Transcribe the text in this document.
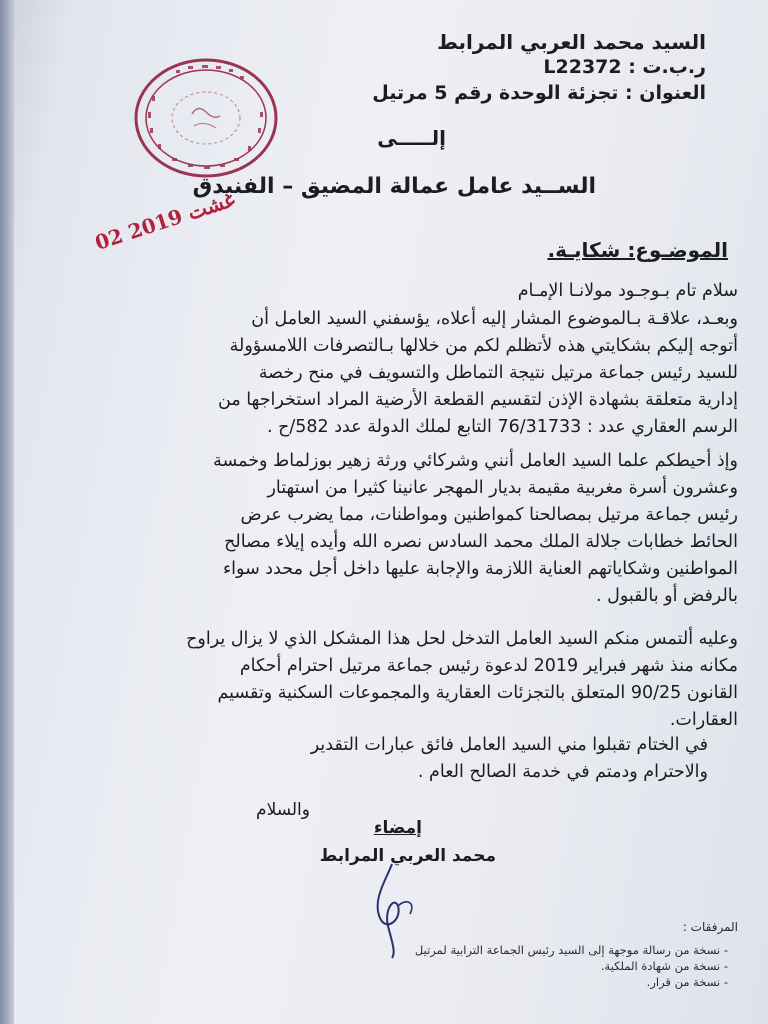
السيد محمد العربي المرابط
ر.ب.ت : L22372
العنوان : تجزئة الوحدة رقم 5 مرتيل
إلـــــى
الســيد عامل عمالة المضيق – الفنيدق
02 غشت 2019
الموضـوع: شكايـة.
سلام تام بـوجـود مولانـا الإمـام
وبعـد، علاقـة بـالموضوع المشار إليه أعلاه، يؤسفني السيد العامل أن
أتوجه إليكم بشكايتي هذه لأتظلم لكم من خلالها بـالتصرفات اللامسؤولة
للسيد رئيس جماعة مرتيل نتيجة التماطل والتسويف في منح رخصة
إدارية متعلقة بشهادة الإذن لتقسيم القطعة الأرضية المراد استخراجها من
الرسم العقاري عدد : 76/31733 التابع لملك الدولة عدد 582/ح .
وإذ أحيطكم علما السيد العامل أنني وشركائي ورثة زهير بوزلماط وخمسة
وعشرون أسرة مغربية مقيمة بديار المهجر عانينا كثيرا من استهتار
رئيس جماعة مرتيل بمصالحنا كمواطنين ومواطنات، مما يضرب عرض
الحائط خطابات جلالة الملك محمد السادس نصره الله وأيده إيلاء مصالح
المواطنين وشكاياتهم العناية اللازمة والإجابة عليها داخل أجل محدد سواء
بالرفض أو بالقبول .
وعليه ألتمس منكم السيد العامل التدخل لحل هذا المشكل الذي لا يزال يراوح
مكانه منذ شهر فبراير 2019 لدعوة رئيس جماعة مرتيل احترام أحكام
القانون 90/25 المتعلق بالتجزئات العقارية والمجموعات السكنية وتقسيم
العقارات.
في الختام تقبلوا مني السيد العامل فائق عبارات التقدير
والاحترام ودمتم في خدمة الصالح العام .
والسلام
إمضاء
محمد العربي المرابط
المرفقات :
- نسخة من رسالة موجهة إلى السيد رئيس الجماعة الترابية لمرتيل
- نسخة من شهادة الملكية.
- نسخة من قرار.
